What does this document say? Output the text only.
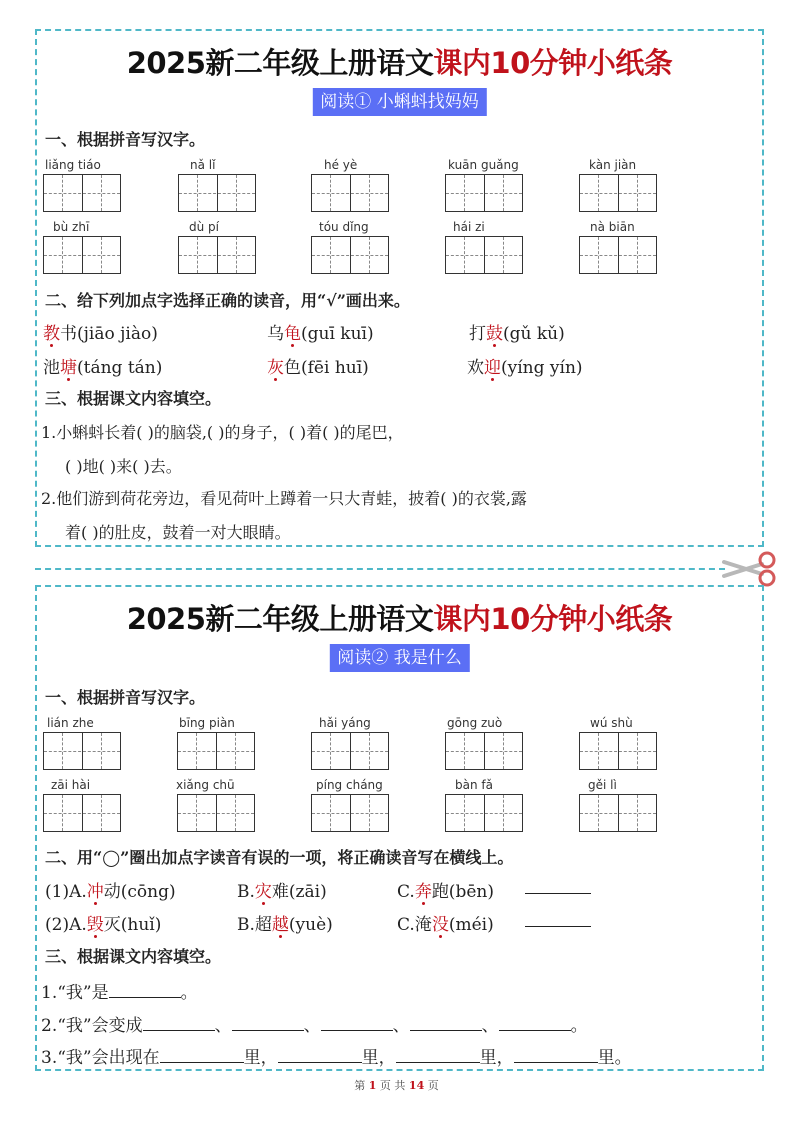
2025新二年级上册语文课内10分钟小纸条
阅读① 小蝌蚪找妈妈
一、根据拼音写汉字。
liǎng tiáo	nǎ lǐ	hé yè	kuān guǎng	kàn jiàn
bù zhī	dù pí	tóu dǐng	hái zi	nà biān
二、给下列加点字选择正确的读音，用“√”画出来。
教书(jiāo jiào)	乌龟(guī kuī)	打鼓(gǔ kǔ)
池塘(táng tán)	灰色(fēi huī)	欢迎(yíng yín)
三、根据课文内容填空。
1.小蝌蚪长着( )的脑袋,( )的身子，( )着( )的尾巴，
( )地( )来( )去。
2.他们游到荷花旁边，看见荷叶上蹲着一只大青蛙，披着( )的衣裳,露
着( )的肚皮，鼓着一对大眼睛。
2025新二年级上册语文课内10分钟小纸条
阅读② 我是什么
一、根据拼音写汉字。
lián zhe	bīng piàn	hǎi yáng	gōng zuò	wú shù
zāi hài	xiǎng chū	píng cháng	bàn fǎ	gěi lì
二、用“◯”圈出加点字读音有误的一项，将正确读音写在横线上。
(1)A.冲动(cōng)	B.灾难(zāi)	C.奔跑(bēn)
(2)A.毁灭(huǐ)	B.超越(yuè)	C.淹没(méi)
三、根据课文内容填空。
1.“我”是	。
2.“我”会变成	、	、	、	、	。
3.“我”会出现在	里，	里，	里，	里。
第 1 页 共 14 页
